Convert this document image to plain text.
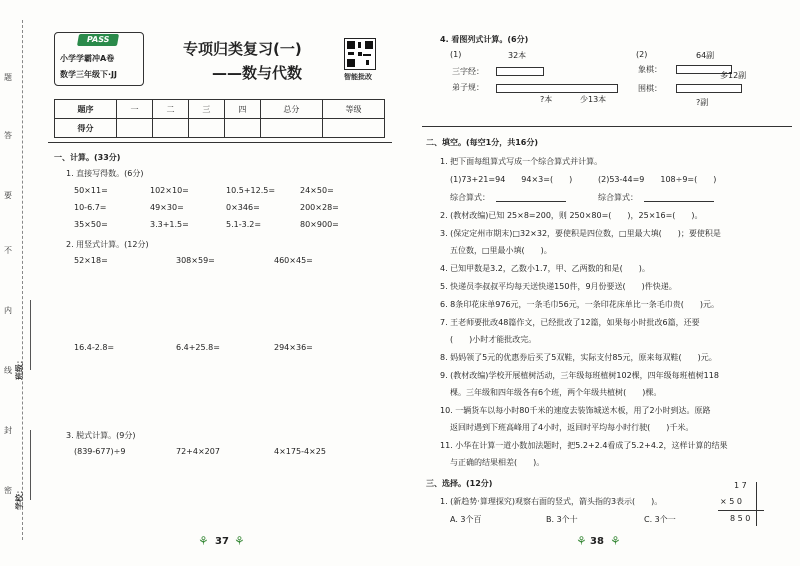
题
答
要
不
内
线
封
密
班级：
学校：
PASS
小学学霸冲A卷
数学三年级下·JJ
专项归类复习(一)
——数与代数	智能批改
题序	一	二	三	四	总分	等级
得分						
一、计算。(33分)
1. 直接写得数。(6分)
50×11=	102×10=	10.5+12.5=	24×50=
10-6.7=	49×30=	0×346=	200×28=
35×50=	3.3+1.5=	5.1-3.2=	80×900=
2. 用竖式计算。(12分)
52×18=	308×59=	460×45=
16.4-2.8=	6.4+25.8=	294×36=
3. 脱式计算。(9分)
(839-677)÷9	72+4×207	4×175-4×25
⚘ 37 ⚘
4. 看图列式计算。(6分)
(1)	32本
三字经：
弟子规：
?本	少13本
(2)	64副
象棋：
多12副
围棋：
?副
二、填空。(每空1分，共16分)
1. 把下面每组算式写成一个综合算式并计算。
(1)73+21=94　　94×3=(　　)	(2)53-44=9　　108÷9=(　　)
综合算式：	综合算式：
2. (教材改编)已知 25×8=200，则 250×80=(　　)，25×16=(　　)。
3. (保定定州市期末)□32×32，要使积是四位数，□里最大填(　　)；要使积是
五位数，□里最小填(　　)。
4. 已知甲数是3.2，乙数小1.7，甲、乙两数的和是(　　)。
5. 快递员李叔叔平均每天送快递150件，9月份要送(　　)件快递。
6. 8条印花床单976元，一条毛巾56元，一条印花床单比一条毛巾贵(　　)元。
7. 王老师要批改48篇作文，已经批改了12篇，如果每小时批改6篇，还要
(　　)小时才能批改完。
8. 妈妈领了5元的优惠券后买了5双鞋，实际支付85元，原来每双鞋(　　)元。
9. (教材改编)学校开展植树活动，三年级每班植树102棵，四年级每班植树118
棵。三年级和四年级各有6个班，两个年级共植树(　　)棵。
10. 一辆货车以每小时80千米的速度去装饰城送木板，用了2小时到达。原路
返回时遇到下班高峰用了4小时，返回时平均每小时行驶(　　)千米。
11. 小华在计算一道小数加法题时，把5.2+2.4看成了5.2+4.2，这样计算的结果
与正确的结果相差(　　)。
三、选择。(12分)
1. (新趋势·算理探究)观察右面的竖式，箭头指的3表示(　　)。
A. 3个百	B. 3个十	C. 3个一
1 7
× 5 0
8 5 0
⚘ 38 ⚘
